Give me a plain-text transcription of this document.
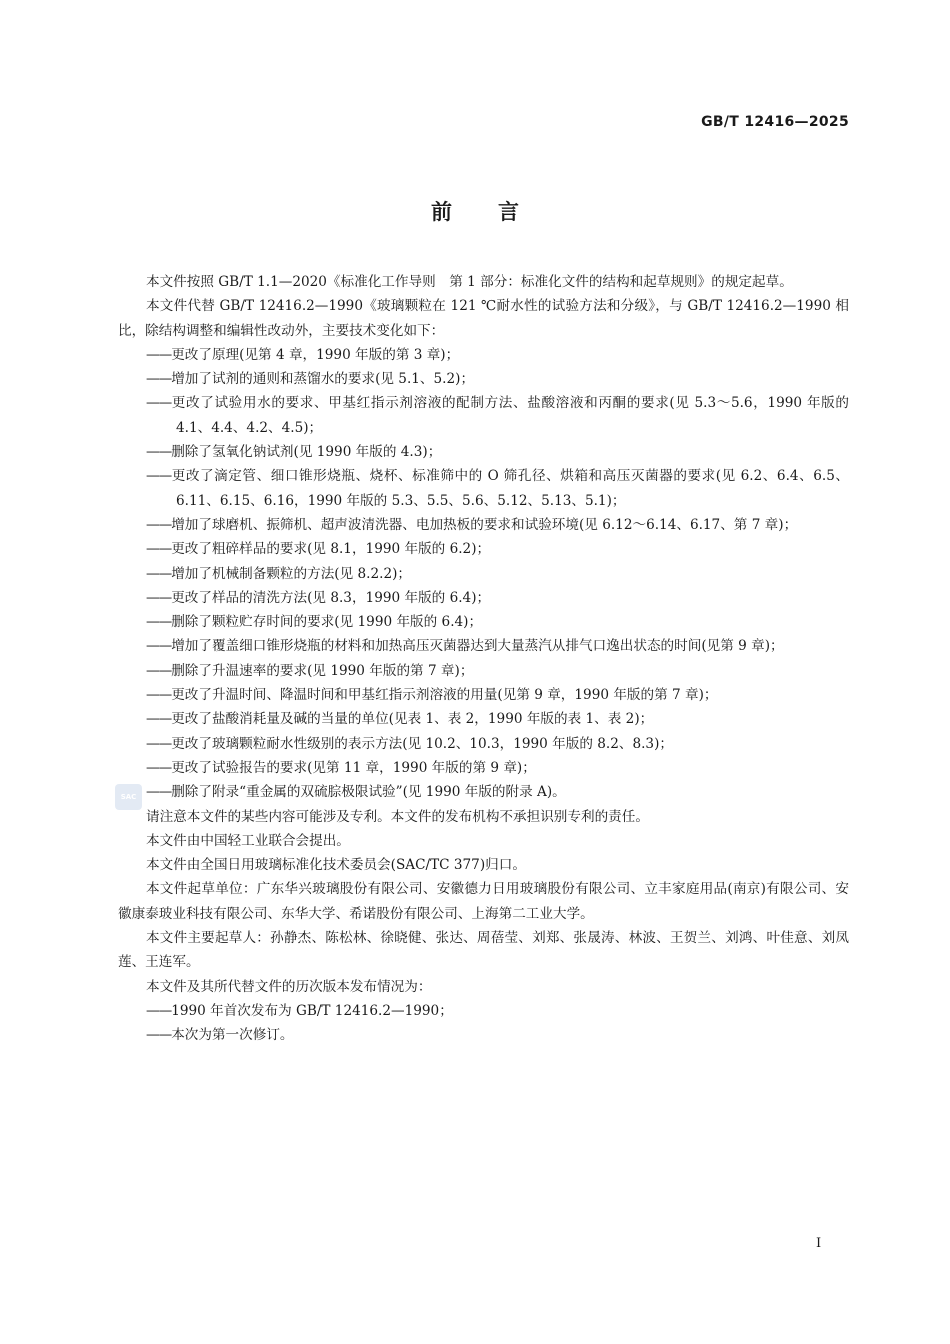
GB/T 12416—2025
前言
SAC

本文件按照 GB/T 1.1—2020《标准化工作导则　第 1 部分：标准化文件的结构和起草规则》的规定起草。

本文件代替 GB/T 12416.2—1990《玻璃颗粒在 121 ℃耐水性的试验方法和分级》，与 GB/T 12416.2—1990 相比，除结构调整和编辑性改动外，主要技术变化如下：

——更改了原理(见第 4 章，1990 年版的第 3 章)；

——增加了试剂的通则和蒸馏水的要求(见 5.1、5.2)；

——更改了试验用水的要求、甲基红指示剂溶液的配制方法、盐酸溶液和丙酮的要求(见 5.3～5.6，1990 年版的 4.1、4.4、4.2、4.5)；

——删除了氢氧化钠试剂(见 1990 年版的 4.3)；

——更改了滴定管、细口锥形烧瓶、烧杯、标准筛中的 O 筛孔径、烘箱和高压灭菌器的要求(见 6.2、6.4、6.5、6.11、6.15、6.16，1990 年版的 5.3、5.5、5.6、5.12、5.13、5.1)；

——增加了球磨机、振筛机、超声波清洗器、电加热板的要求和试验环境(见 6.12～6.14、6.17、第 7 章)；

——更改了粗碎样品的要求(见 8.1，1990 年版的 6.2)；

——增加了机械制备颗粒的方法(见 8.2.2)；

——更改了样品的清洗方法(见 8.3，1990 年版的 6.4)；

——删除了颗粒贮存时间的要求(见 1990 年版的 6.4)；

——增加了覆盖细口锥形烧瓶的材料和加热高压灭菌器达到大量蒸汽从排气口逸出状态的时间(见第 9 章)；

——删除了升温速率的要求(见 1990 年版的第 7 章)；

——更改了升温时间、降温时间和甲基红指示剂溶液的用量(见第 9 章，1990 年版的第 7 章)；

——更改了盐酸消耗量及碱的当量的单位(见表 1、表 2，1990 年版的表 1、表 2)；

——更改了玻璃颗粒耐水性级别的表示方法(见 10.2、10.3，1990 年版的 8.2、8.3)；

——更改了试验报告的要求(见第 11 章，1990 年版的第 9 章)；

——删除了附录“重金属的双硫腙极限试验”(见 1990 年版的附录 A)。

请注意本文件的某些内容可能涉及专利。本文件的发布机构不承担识别专利的责任。

本文件由中国轻工业联合会提出。

本文件由全国日用玻璃标准化技术委员会(SAC/TC 377)归口。

本文件起草单位：广东华兴玻璃股份有限公司、安徽德力日用玻璃股份有限公司、立丰家庭用品(南京)有限公司、安徽康泰玻业科技有限公司、东华大学、希诺股份有限公司、上海第二工业大学。

本文件主要起草人：孙静杰、陈松林、徐晓健、张达、周蓓莹、刘郑、张晟涛、林波、王贺兰、刘鸿、叶佳意、刘凤莲、王连军。

本文件及其所代替文件的历次版本发布情况为：

——1990 年首次发布为 GB/T 12416.2—1990；

——本次为第一次修订。

Ⅰ
